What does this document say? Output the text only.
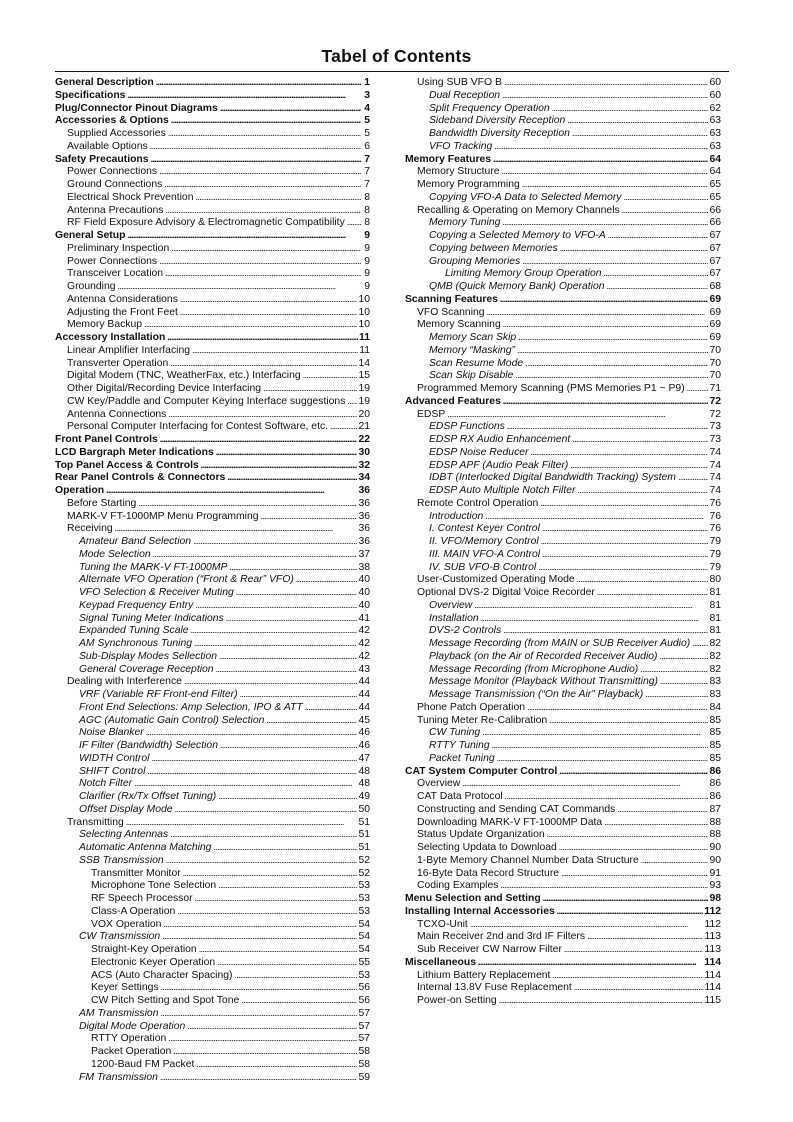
Tabel of Contents
General Description . . .	1
Specifications . . .	3
Plug/Connector Pinout Diagrams . . .	4
Accessories & Options . . .	5
Supplied Accessories . . .	5
Available Options . . .	6
Safety Precautions . . .	7
Power Connections . . .	7
Ground Connections . . .	7
Electrical Shock Prevention . . .	8
Antenna Precautions . . .	8
RF Field Exposure Advisory & Electromagnetic Compatibility . . . 8
General Setup . . .	9
Preliminary Inspection . . .	9
Power Connections . . .	9
Transceiver Location . . .	9
Grounding . . .	9
Antenna Considerations . . .	10
Adjusting the Front Feet . . .	10
Memory Backup . . .	10
Accessory Installation . . .	11
Linear Amplifier Interfacing . . .	11
Transverter Operation . . .	14
Digital Modem (TNC, WeatherFax, etc.) Interfacing . . .	15
Other Digital/Recording Device Interfacing . . .	19
CW Key/Paddle and Computer Keying Interface suggestions . . . 19
Antenna Connections . . .	20
Personal Computer Interfacing for Contest Software, etc. . . .	21
Front Panel Controls . . .	22
LCD Bargraph Meter Indications . . .	30
Top Panel Access & Controls . . .	32
Rear Panel Controls & Connectors . . .	34
Operation . . .	36
Before Starting . . .	36
MARK-V FT-1000MP Menu Programming . . .	36
Receiving . . .	36
Amateur Band Selection . . .	36
Mode Selection . . .	37
Tuning the MARK-V FT-1000MP . . .	38
Alternate VFO Operation (“Front & Rear” VFO) . . .	40
VFO Selection & Receiver Muting . . .	40
Keypad Frequency Entry . . .	40
Signal Tuning Meter Indications . . .	41
Expanded Tuning Scale . . .	42
AM Synchronous Tuning . . .	42
Sub-Display Modes Sellection . . .	42
General Coverage Reception . . .	43
Dealing with Interference . . .	44
VRF (Variable RF Front-end Filter) . . .	44
Front End Selections: Amp Selection, IPO & ATT . . .	44
AGC (Automatic Gain Control) Selection . . .	45
Noise Blanker . . .	46
IF Filter (Bandwidth) Selection . . .	46
WIDTH Control . . .	47
SHIFT Control . . .	48
Notch Filter . . .	48
Clarifier (Rx/Tx Offset Tuning) . . .	49
Offset Display Mode . . .	50
Transmitting . . .	51
Selecting Antennas . . .	51
Automatic Antenna Matching . . .	51
SSB Transmission . . .	52
Transmitter Monitor . . .	52
Microphone Tone Selection . . .	53
RF Speech Processor . . .	53
Class-A Operation . . .	53
VOX Operation . . .	54
CW Transmission . . .	54
Straight-Key Operation . . .	54
Electronic Keyer Operation . . .	55
ACS (Auto Character Spacing) . . .	53
Keyer Settings . . .	56
CW Pitch Setting and Spot Tone . . .	56
AM Transmission . . .	57
Digital Mode Operation . . .	57
RTTY Operation . . .	57
Packet Operation . . .	58
1200-Baud FM Packet . . .	58
FM Transmission . . .	59
Using SUB VFO B . . .	60
Dual Reception . . .	60
Split Frequency Operation . . .	62
Sideband Diversity Reception . . .	63
Bandwidth Diversity Reception . . .	63
VFO Tracking . . .	63
Memory Features . . .	64
Memory Structure . . .	64
Memory Programming . . .	65
Copying VFO-A Data to Selected Memory . . .	65
Recalling & Operating on Memory Channels . . .	66
Memory Tuning . . .	66
Copying a Selected Memory to VFO-A . . .	67
Copying between Memories . . .	67
Grouping Memories . . .	67
Limiting Memory Group Operation . . .	67
QMB (Quick Memory Bank) Operation . . .	68
Scanning Features . . .	69
VFO Scanning . . .	69
Memory Scanning . . .	69
Memory Scan Skip . . .	69
Memory “Masking” . . .	70
Scan Resume Mode . . .	70
Scan Skip Disable . . .	70
Programmed Memory Scanning (PMS Memories P1 ~ P9) . . . 71
Advanced Features . . .	72
EDSP . . .	72
EDSP Functions . . .	73
EDSP RX Audio Enhancement . . .	73
EDSP Noise Reducer . . .	74
EDSP APF (Audio Peak Filter) . . .	74
IDBT (Interlocked Digital Bandwidth Tracking) System . . .	74
EDSP Auto Multiple Notch Filter . . .	74
Remote Control Operation . . .	76
Introduction . . .	76
I. Contest Keyer Control . . .	76
II. VFO/Memory Control . . .	79
III. MAIN VFO-A Control . . .	79
IV. SUB VFO-B Control . . .	79
User-Customized Operating Mode . . .	80
Optional DVS-2 Digital Voice Recorder . . .	81
Overview . . .	81
Installation . . .	81
DVS-2 Controls . . .	81
Message Recording (from MAIN or SUB Receiver Audio) . . . 82
Playback (on the Air of Recorded Receiver Audio) . . .	82
Message Recording (from Microphone Audio) . . .	82
Message Monitor (Playback Without Transmitting) . . .	83
Message Transmission (“On the Air” Playback) . . .	83
Phone Patch Operation . . .	84
Tuning Meter Re-Calibration . . .	85
CW Tuning . . .	85
RTTY Tuning . . .	85
Packet Tuning . . .	85
CAT System Computer Control . . .	86
Overview . . .	86
CAT Data Protocol . . .	86
Constructing and Sending CAT Commands . . .	87
Downloading MARK-V FT-1000MP Data . . .	88
Status Update Organization . . .	88
Selecting Updata to Download . . .	90
1-Byte Memory Channel Number Data Structure . . .	90
16-Byte Data Record Structure . . .	91
Coding Examples . . .	93
Menu Selection and Setting . . .	98
Installing Internal Accessories . . .	112
TCXO-Unit . . .	112
Main Receiver 2nd and 3rd IF Filters . . .	113
Sub Receiver CW Narrow Filter . . .	113
Miscellaneous . . .	114
Lithium Battery Replacement . . .	114
Internal 13.8V Fuse Replacement . . .	114
Power-on Setting . . .	115
